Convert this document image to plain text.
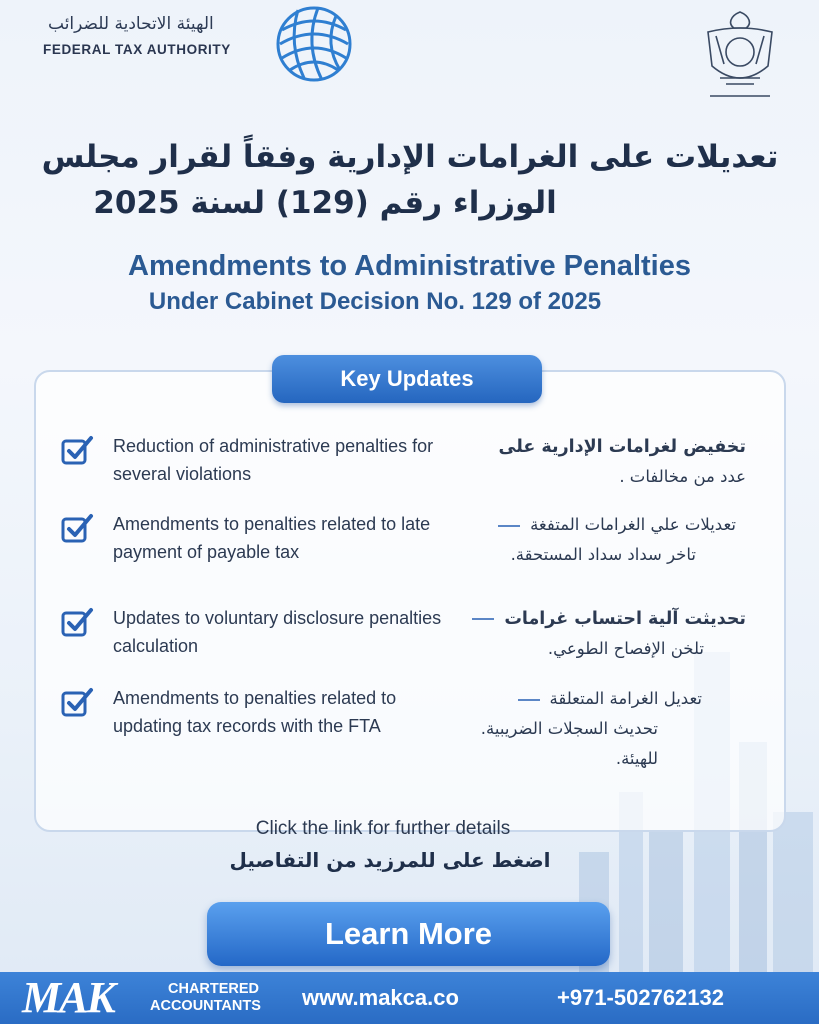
الهيئة الاتحادية للضرائب
FEDERAL TAX AUTHORITY
تعديلات على الغرامات الإدارية وفقاً لقرار مجلس
الوزراء رقم (129) لسنة 2025
Amendments to Administrative Penalties
Under Cabinet Decision No. 129 of 2025
Key Updates
Reduction of administrative penalties for several violations
تخفيض لغرامات الإدارية على
عدد من مخالفات .
Amendments to penalties related to late payment of payable tax
تعديلات علي الغرامات المتفغة
تاخر سداد سداد المستحقة.
Updates to voluntary disclosure penalties calculation
تحديثت آلية احتساب غرامات
تلخن الإفصاح الطوعي.
Amendments to penalties related to updating tax records with the FTA
تعديل الغرامة المتعلقة
تحديث السجلات الضريبية.
للهيئة.
Click the link for further details
اضغط على للمرزيد من التفاصيل
Learn More
MAK	CHARTERED
ACCOUNTANTS www.makca.co	+971-502762132
